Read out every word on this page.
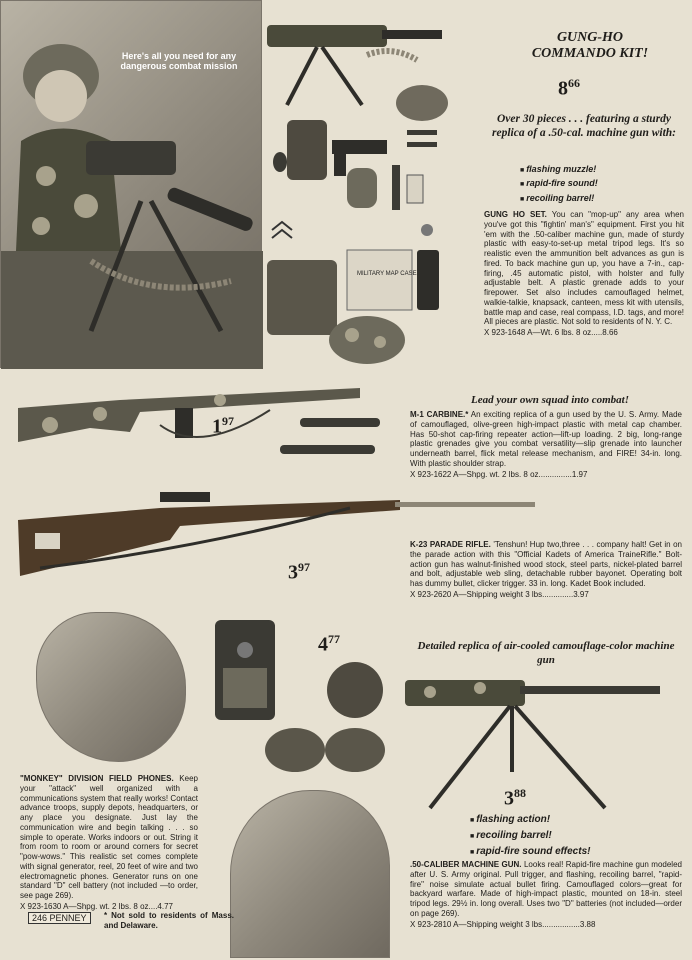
Here's all you need for any dangerous combat mission
MILITARY MAP CASE
GUNG-HO
COMMANDO KIT!
$8^{66}$
Over 30 pieces . . . featuring a sturdy replica of a .50-cal. machine gun with:
■ flashing muzzle!
■ rapid-fire sound!
■ recoiling barrel!
GUNG HO SET. You can "mop-up" any area when you've got this "fightin' man's" equipment. First you hit 'em with the .50-caliber machine gun, made of sturdy plastic with easy-to-set-up metal tripod legs. It's so realistic even the ammunition belt advances as gun is fired. To back machine gun up, you have a 7-in., cap-firing, .45 automatic pistol, with holster and fully adjustable belt. A plastic grenade adds to your firepower. Set also includes camouflaged helmet, walkie-talkie, knapsack, canteen, mess kit with utensils, battle map and case, real compass, I.D. tags, and more! All pieces are plastic. Not sold to residents of N. Y. C.
X 923-1648 A—Wt. 6 lbs. 8 oz.....8.66
$1^{97}$
Lead your own squad into combat!
M-1 CARBINE.* An exciting replica of a gun used by the U. S. Army. Made of camouflaged, olive-green high-impact plastic with metal cap chamber. Has 50-shot cap-firing repeater action—lift-up loading. 2 big, long-range plastic grenades give you combat versatility—slip grenade into launcher underneath barrel, flick metal release mechanism, and FIRE! 34-in. long. With plastic shoulder strap.
X 923-1622 A—Shpg. wt. 2 lbs. 8 oz...............1.97
$3^{97}$
K-23 PARADE RIFLE. 'Tenshun! Hup two,three . . . company halt! Get in on the parade action with this "Official Kadets of America TraineRifle." Bolt-action gun has walnut-finished wood stock, steel parts, nickel-plated barrel and bolt, adjustable web sling, detachable rubber bayonet. Operating bolt has dummy bullet, clicker trigger. 33 in. long. Kadet Book included.
X 923-2620 A—Shipping weight 3 lbs..............3.97
$4^{77}$
"MONKEY" DIVISION FIELD PHONES. Keep your "attack" well organized with a communications system that really works! Contact advance troops, supply depots, headquarters, or any place you designate. Just lay the communication wire and begin talking . . . so simple to operate. Works indoors or out. String it from room to room or around corners for secret "pow-wows." This realistic set comes complete with signal generator, reel, 20 feet of wire and two electromagnetic phones. Generator runs on one standard "D" cell battery (not included —to order, see page 269).
X 923-1630 A—Shpg. wt. 2 lbs. 8 oz....4.77
Detailed replica of air-cooled camouflage-color machine gun
$3^{88}$
■ flashing action!
■ recoiling barrel!
■ rapid-fire sound effects!
.50-CALIBER MACHINE GUN. Looks real! Rapid-fire machine gun modeled after U. S. Army original. Pull trigger, and flashing, recoiling barrel, "rapid-fire" noise simulate actual bullet firing. Camouflaged colors—great for backyard warfare. Made of high-impact plastic, mounted on 18-in. steel tripod legs. 29½ in. long overall. Uses two "D" batteries (not included—order on page 269).
X 923-2810 A—Shipping weight 3 lbs.................3.88
246 PENNEY	* Not sold to residents of Mass. and Delaware.
